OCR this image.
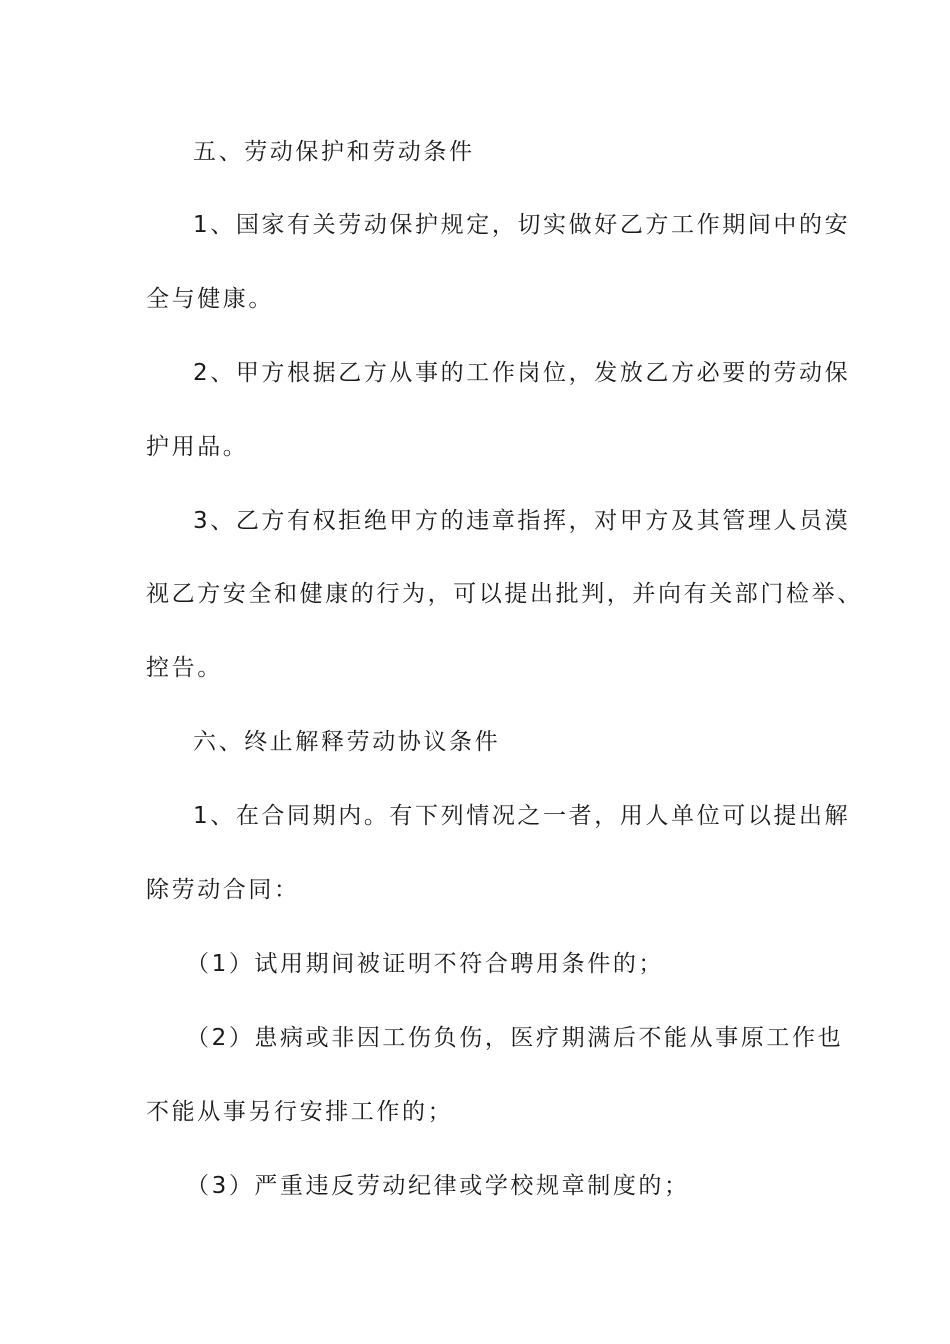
五、劳动保护和劳动条件
1、国家有关劳动保护规定，切实做好乙方工作期间中的安
全与健康。
2、甲方根据乙方从事的工作岗位，发放乙方必要的劳动保
护用品。
3、乙方有权拒绝甲方的违章指挥，对甲方及其管理人员漠
视乙方安全和健康的行为，可以提出批判，并向有关部门检举、
控告。
六、终止解释劳动协议条件
1、在合同期内。有下列情况之一者，用人单位可以提出解
除劳动合同：
（1）试用期间被证明不符合聘用条件的；
（2）患病或非因工伤负伤，医疗期满后不能从事原工作也
不能从事另行安排工作的；
（3）严重违反劳动纪律或学校规章制度的；
